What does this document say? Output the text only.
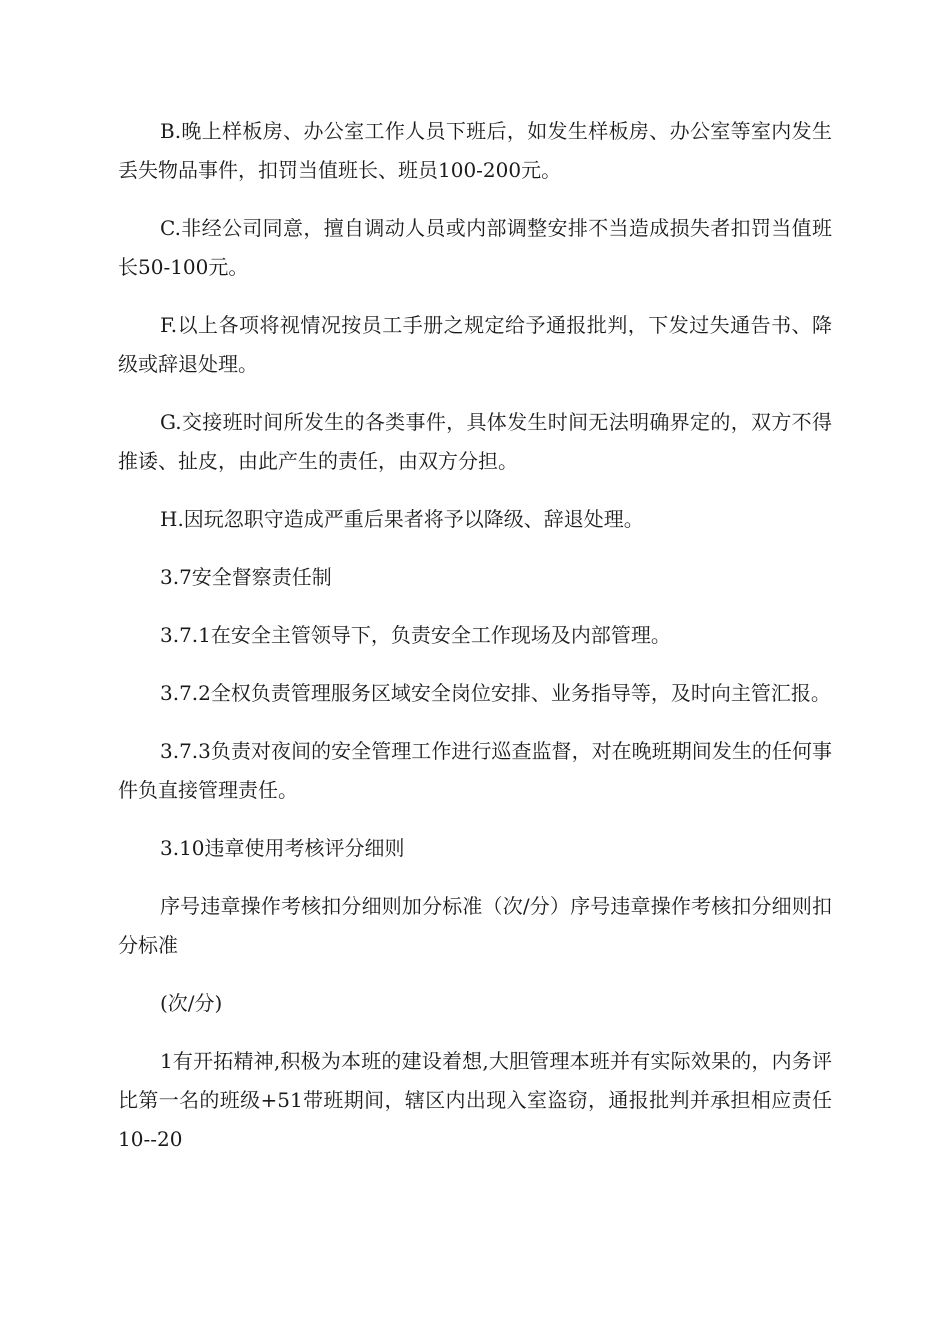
B.晚上样板房、办公室工作人员下班后，如发生样板房、办公室等室内发生丢失物品事件，扣罚当值班长、班员100-200元。

C.非经公司同意，擅自调动人员或内部调整安排不当造成损失者扣罚当值班长50-100元。

F.以上各项将视情况按员工手册之规定给予通报批判，下发过失通告书、降级或辞退处理。

G.交接班时间所发生的各类事件，具体发生时间无法明确界定的，双方不得推诿、扯皮，由此产生的责任，由双方分担。

H.因玩忽职守造成严重后果者将予以降级、辞退处理。

3.7安全督察责任制

3.7.1在安全主管领导下，负责安全工作现场及内部管理。

3.7.2全权负责管理服务区域安全岗位安排、业务指导等，及时向主管汇报。

3.7.3负责对夜间的安全管理工作进行巡查监督，对在晚班期间发生的任何事件负直接管理责任。

3.10违章使用考核评分细则

序号违章操作考核扣分细则加分标准（次/分）序号违章操作考核扣分细则扣分标准

(次/分)

1有开拓精神,积极为本班的建设着想,大胆管理本班并有实际效果的，内务评比第一名的班级+51带班期间，辖区内出现入室盗窃，通报批判并承担相应责任10--20
